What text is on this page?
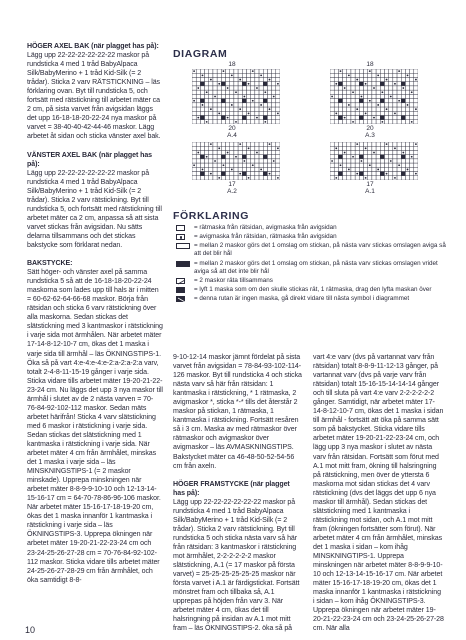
HÖGER AXEL BAK (när plagget has på):

Lägg upp 22-22-22-22-22-22 maskor på rundsticka 4 med 1 tråd BabyAlpaca Silk/BabyMerino + 1 tråd Kid-Silk (= 2 trådar). Sticka 2 varv RÄTSTICKNING – läs förklaring ovan. Byt till rundsticka 5, och fortsätt med rätstickning till arbetet mäter ca 2 cm, på sista varvet från avigsidan läggs det upp 16-18-18-20-22-24 nya maskor på varvet = 38-40-40-42-44-46 maskor. Lägg arbetet åt sidan och sticka vänster axel bak.

VÄNSTER AXEL BAK (när plagget has på):

Lägg upp 22-22-22-22-22-22 maskor på rundsticka 4 med 1 tråd BabyAlpaca Silk/BabyMerino + 1 tråd Kid-Silk (= 2 trådar). Sticka 2 varv rätstickning. Byt till rundsticka 5, och fortsätt med rätstickning till arbetet mäter ca 2 cm, anpassa så att sista varvet stickas från avigsidan. Nu sätts delarna tillsammans och det stickas bakstycke som förklarat nedan.

BAKSTYCKE:

Sätt höger- och vänster axel på samma rundsticka 5 så att de 16-18-18-20-22-24 maskorna som lades upp till hals är i mitten = 60-62-62-64-66-68 maskor. Börja från rätsidan och sticka 6 varv rätstickning över alla maskorna. Sedan stickas det slätstickning med 3 kantmaskor i rätstickning i varje sida mot ärmhålen. När arbetet mäter 17-14-8-12-10-7 cm, ökas det 1 maska i varje sida till ärmhål – läs ÖKNINGSTIPS-1. Öka så på vart 4:e-4:e-4:e-2:a-2:a-2:a varv, totalt 2-4-8-11-15-19 gånger i varje sida. Sticka vidare tills arbetet mäter 19-20-21-22-23-24 cm. Nu läggs det upp 3 nya maskor till ärmhål i slutet av de 2 nästa varven = 70-76-84-92-102-112 maskor. Sedan mäts arbetet härifrån! Sticka 4 varv slätstickning med 6 maskor i rätstickning i varje sida. Sedan stickas det slätstickning med 1 kantmaska i rätstickning i varje sida. När arbetet mäter 4 cm från ärmhålet, minskas det 1 maska i varje sida – läs MINSKNINGSTIPS-1 (= 2 maskor minskade). Upprepa minskningen när arbetet mäter 8-8-9-9-10-10 och 12-13-14-15-16-17 cm = 64-70-78-86-96-106 maskor. När arbetet mäter 15-16-17-18-19-20 cm, ökas det 1 maska innanför 1 kantmaska i rätstickning i varje sida – läs ÖKNINGSTIPS-3. Upprepa ökningen när arbetet mäter 19-20-21-22-23-24 cm och 23-24-25-26-27-28 cm = 70-76-84-92-102-112 maskor. Sticka vidare tills arbetet mäter 24-25-26-27-28-29 cm från ärmhålet, och öka samtidigt 8-8-

DIAGRAM
18
20
A.4
18
20
A.3
17
A.2
17
A.1
FÖRKLARING
= rätmaska från rätsidan, avigmaska från avigsidan
= avigmaska från rätsidan, rätmaska från avigsidan
= mellan 2 maskor görs det 1 omslag om stickan, på nästa varv stickas omslagen aviga så att det blir hål
= mellan 2 maskor görs det 1 omslag om stickan, på nästa varv stickas omslagen vridet aviga så att det inte blir hål
= 2 maskor räta tillsammans
= lyft 1 maska som om den skulle stickas rät, 1 rätmaska, drag den lyfta maskan över
= denna rutan är ingen maska, gå direkt vidare till nästa symbol i diagrammet

9-10-12-14 maskor jämnt fördelat på sista varvet från avigsidan = 78-84-93-102-114-126 maskor. Byt till rundsticka 4 och sticka nästa varv så här från rätsidan: 1 kantmaska i rätstickning, * 1 rätmaska, 2 avigmaskor *, sticka *-* tills det återstår 2 maskor på stickan, 1 rätmaska, 1 kantmaska i rätstickning. Fortsätt resåren så i 3 cm. Maska av med rätmaskor över rätmaskor och avigmaskor över avigmaskor – läs AVMASKNINGSTIPS. Bakstycket mäter ca 46-48-50-52-54-56 cm från axeln.

HÖGER FRAMSTYCKE (när plagget has på):

Lägg upp 22-22-22-22-22-22 maskor på rundsticka 4 med 1 tråd BabyAlpaca Silk/BabyMerino + 1 tråd Kid-Silk (= 2 trådar). Sticka 2 varv rätstickning. Byt till rundsticka 5 och sticka nästa varv så här från rätsidan: 3 kantmaskor i rätstickning mot ärmhålet, 2-2-2-2-2-2 maskor slätstickning, A.1 (= 17 maskor på första varvet) = 25-25-25-25-25-25 maskor när första varvet i A.1 är färdigstickat. Fortsätt mönstret fram och tillbaka så, A.1 upprepas på höjden från varv 3. När arbetet mäter 4 cm, ökas det till halsringning på insidan av A.1 mot mitt fram – läs ÖKNINGSTIPS-2. öka så på

vart 4:e varv (dvs på vartannat varv från rätsidan) totalt 8-8-9-11-12-13 gånger, på vartannat varv (dvs på varje varv från rätsidan) totalt 15-16-15-14-14-14 gånger och till sluta på vart 4:e varv 2-2-2-2-2-2 gånger. Samtidigt, när arbetet mäter 17-14-8-12-10-7 cm, ökas det 1 maska i sidan till ärmhål - fortsätt att öka på samma sätt som på bakstycket. Sticka vidare tills arbetet mäter 19-20-21-22-23-24 cm, och lägg upp 3 nya maskor i slutet av nästa varv från rätsidan. Fortsätt som förut med A.1 mot mitt fram, ökning till halsringning på rätstickning, men över de yttersta 6 maskorna mot sidan stickas det 4 varv rätstickning (dvs det läggs det upp 6 nya maskor till ärmhål). Sedan stickas det slätstickning med 1 kantmaska i rätstickning mot sidan, och A.1 mot mitt fram (ökningen fortsätter som förut). När arbetet mäter 4 cm från ärmhålet, minskas det 1 maska i sidan – kom ihåg MINSKNINGTIPS-1. Upprepa minskningen när arbetet mäter 8-8-9-9-10-10 och 12-13-14-15-16-17 cm. När arbetet mäter 15-16-17-18-19-20 cm, ökas det 1 maska innanför 1 kantmaska i rätstickning i sidan – kom ihåg ÖKNINGSTIPS-3. Upprepa ökningen när arbetet mäter 19-20-21-22-23-24 cm och 23-24-25-26-27-28 cm. När alla

10
